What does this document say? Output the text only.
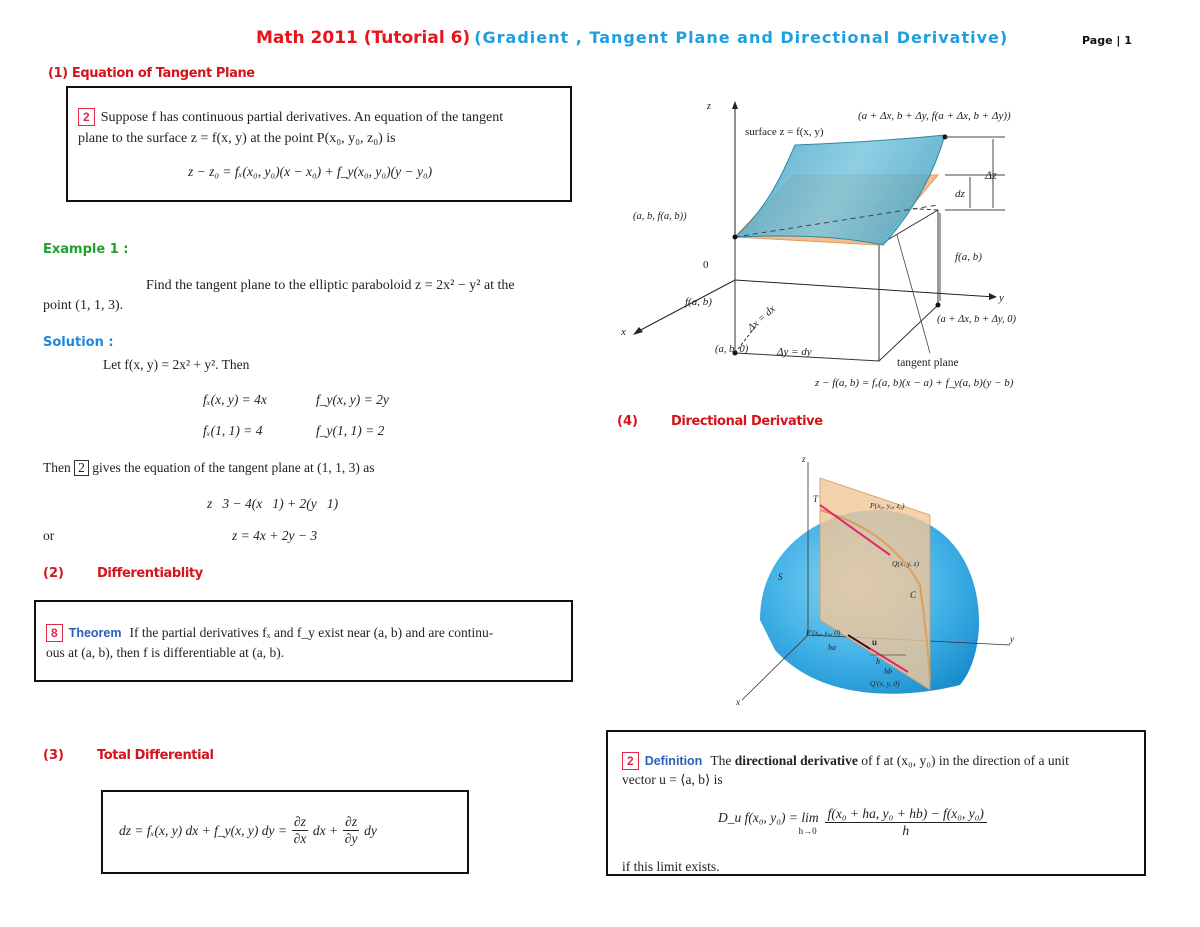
Math 2011 (Tutorial 6) (Gradient , Tangent Plane and Directional Derivative)	Page | 1
(1) Equation of Tangent Plane
2 Suppose f has continuous partial derivatives. An equation of the tangent
plane to the surface z = f(x, y) at the point P(x₀, y₀, z₀) is
z − z₀ = fₓ(x₀, y₀)(x − x₀) + f_y(x₀, y₀)(y − y₀)
Example 1 :
Find the tangent plane to the elliptic paraboloid z = 2x² − y² at the
point (1, 1, 3).
Solution :
Let f(x, y) = 2x² + y². Then
fₓ(x, y) = 4x	f_y(x, y) = 2y
fₓ(1, 1) = 4	f_y(1, 1) = 2
Then 2 gives the equation of the tangent plane at (1, 1, 3) as
z   3 − 4(x   1) + 2(y   1)
or	z = 4x + 2y − 3
(2)	Differentiablity
8 Theorem If the partial derivatives fₓ and f_y exist near (a, b) and are continu-
ous at (a, b), then f is differentiable at (a, b).
(3)	Total Differential
dz = fₓ(x, y) dx + f_y(x, y) dy = $\frac{\partial z}{\partial x}$ dx + $\frac{\partial z}{\partial y}$ dy
(a + Δx, b + Δy, f(a + Δx, b + Δy))
surface z = f(x, y)
Δz
dz
(a, b, f(a, b))
0
f(a, b)
f(a, b)
Δx = dx
y
x
z
(a, b, 0)	Δy = dy
(a + Δx, b + Δy, 0)
tangent plane
z − f(a, b) = fₓ(a, b)(x − a) + f_y(a, b)(y − b)
(4)	Directional Derivative
z
y
x
T
S
C
P(x₀, y₀, z₀)
Q(x, y, z)
P′(x₀, y₀, 0)
Q′(x, y, 0)
u
ha
h
hb
2 Definition The directional derivative of f at (x₀, y₀) in the direction of a unit
vector u = ⟨a, b⟩ is
D_u f(x₀, y₀) = lim
h→0
f(x₀ + ha, y₀ + hb) − f(x₀, y₀)
h
if this limit exists.
